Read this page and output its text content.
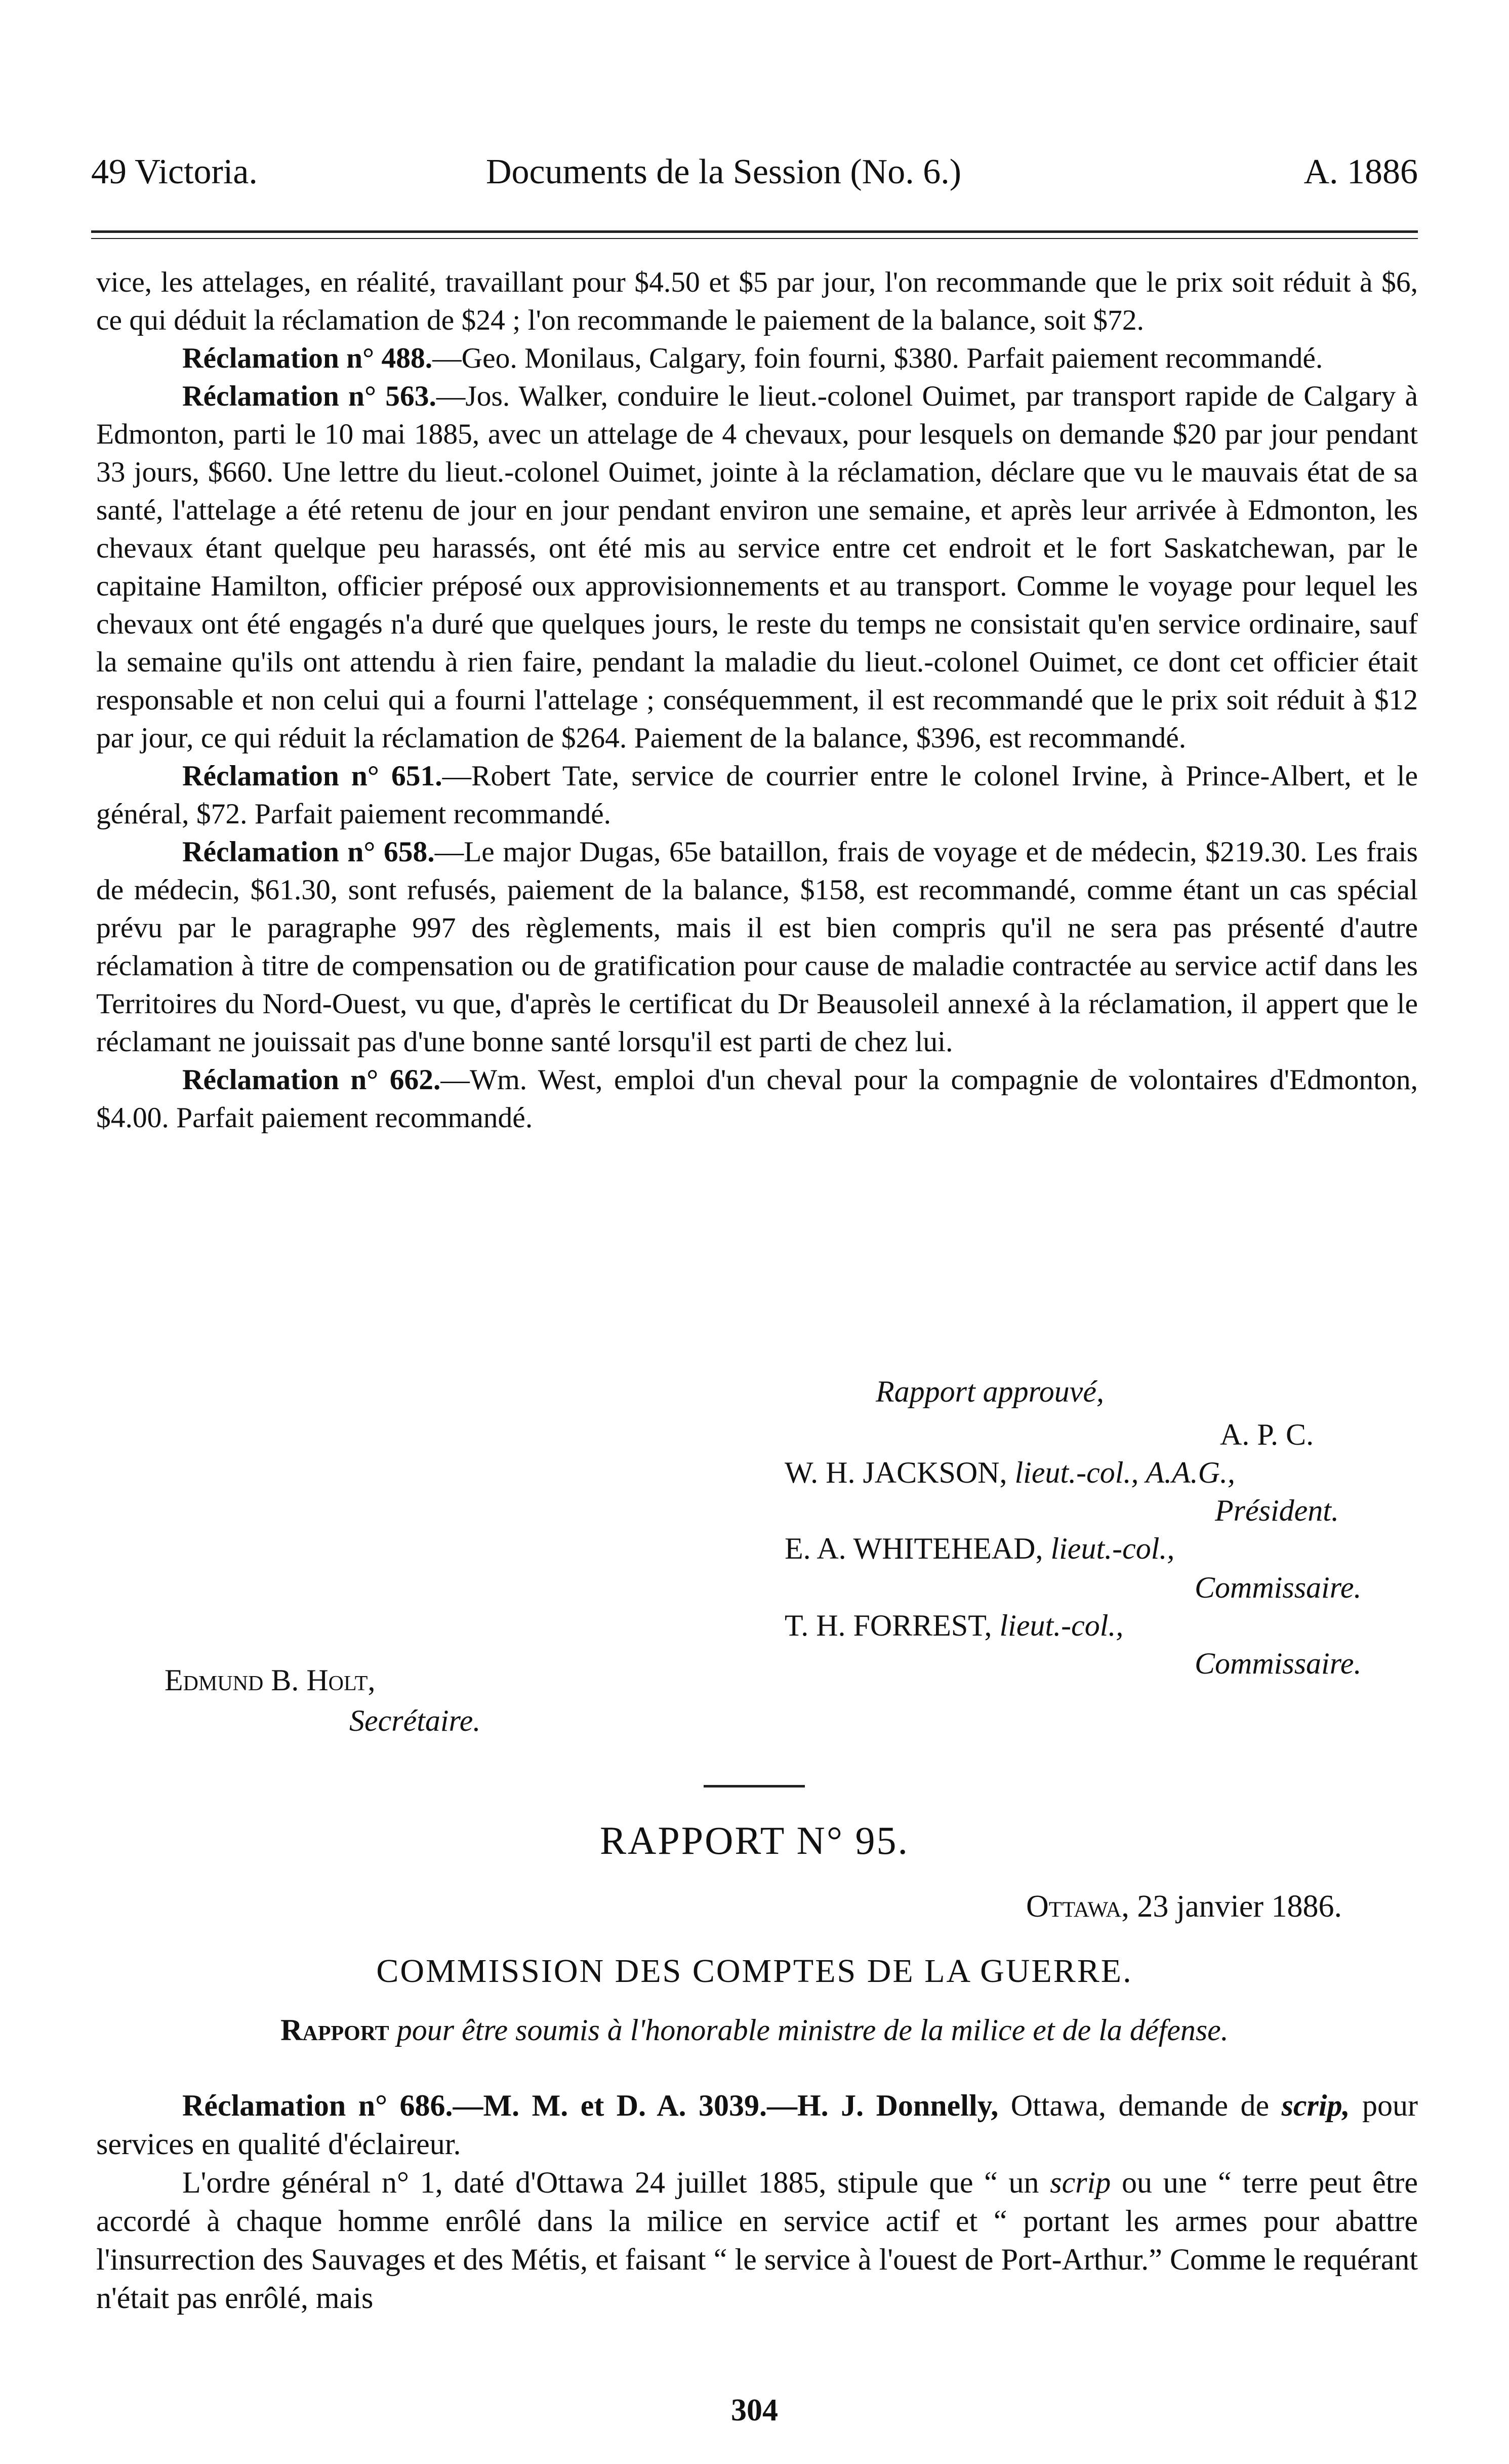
49 Victoria.	Documents de la Session (No. 6.)	A. 1886

vice, les attelages, en réalité, travaillant pour $4.50 et $5 par jour, l'on recommande que le prix soit réduit à $6, ce qui déduit la réclamation de $24 ; l'on recommande le paiement de la balance, soit $72.

Réclamation n° 488.—Geo. Monilaus, Calgary, foin fourni, $380. Parfait paiement recommandé.

Réclamation n° 563.—Jos. Walker, conduire le lieut.-colonel Ouimet, par transport rapide de Calgary à Edmonton, parti le 10 mai 1885, avec un attelage de 4 chevaux, pour lesquels on demande $20 par jour pendant 33 jours, $660. Une lettre du lieut.-colonel Ouimet, jointe à la réclamation, déclare que vu le mauvais état de sa santé, l'attelage a été retenu de jour en jour pendant environ une semaine, et après leur arrivée à Edmonton, les chevaux étant quelque peu harassés, ont été mis au service entre cet endroit et le fort Saskatchewan, par le capitaine Hamilton, officier préposé oux approvisionnements et au transport. Comme le voyage pour lequel les chevaux ont été engagés n'a duré que quelques jours, le reste du temps ne consistait qu'en service ordinaire, sauf la semaine qu'ils ont attendu à rien faire, pendant la maladie du lieut.-colonel Ouimet, ce dont cet officier était responsable et non celui qui a fourni l'attelage ; conséquemment, il est recommandé que le prix soit réduit à $12 par jour, ce qui réduit la réclamation de $264. Paiement de la balance, $396, est recommandé.

Réclamation n° 651.—Robert Tate, service de courrier entre le colonel Irvine, à Prince-Albert, et le général, $72. Parfait paiement recommandé.

Réclamation n° 658.—Le major Dugas, 65e bataillon, frais de voyage et de médecin, $219.30. Les frais de médecin, $61.30, sont refusés, paiement de la balance, $158, est recommandé, comme étant un cas spécial prévu par le paragraphe 997 des règlements, mais il est bien compris qu'il ne sera pas présenté d'autre réclamation à titre de compensation ou de gratification pour cause de maladie contractée au service actif dans les Territoires du Nord-Ouest, vu que, d'après le certificat du Dr Beausoleil annexé à la réclamation, il appert que le réclamant ne jouissait pas d'une bonne santé lorsqu'il est parti de chez lui.

Réclamation n° 662.—Wm. West, emploi d'un cheval pour la compagnie de volontaires d'Edmonton, $4.00. Parfait paiement recommandé.

Rapport approuvé,
A. P. C.
W. H. JACKSON, lieut.-col., A.A.G.,
Président.
E. A. WHITEHEAD, lieut.-col.,
Commissaire.
T. H. FORREST, lieut.-col.,
Commissaire.
Edmund B. Holt,
Secrétaire.
RAPPORT N° 95.
Ottawa, 23 janvier 1886.
COMMISSION DES COMPTES DE LA GUERRE.
Rapport pour être soumis à l'honorable ministre de la milice et de la défense.

Réclamation n° 686.—M. M. et D. A. 3039.—H. J. Donnelly, Ottawa, demande de scrip, pour services en qualité d'éclaireur.

L'ordre général n° 1, daté d'Ottawa 24 juillet 1885, stipule que “ un scrip ou une “ terre peut être accordé à chaque homme enrôlé dans la milice en service actif et “ portant les armes pour abattre l'insurrection des Sauvages et des Métis, et faisant “ le service à l'ouest de Port-Arthur.” Comme le requérant n'était pas enrôlé, mais

304
